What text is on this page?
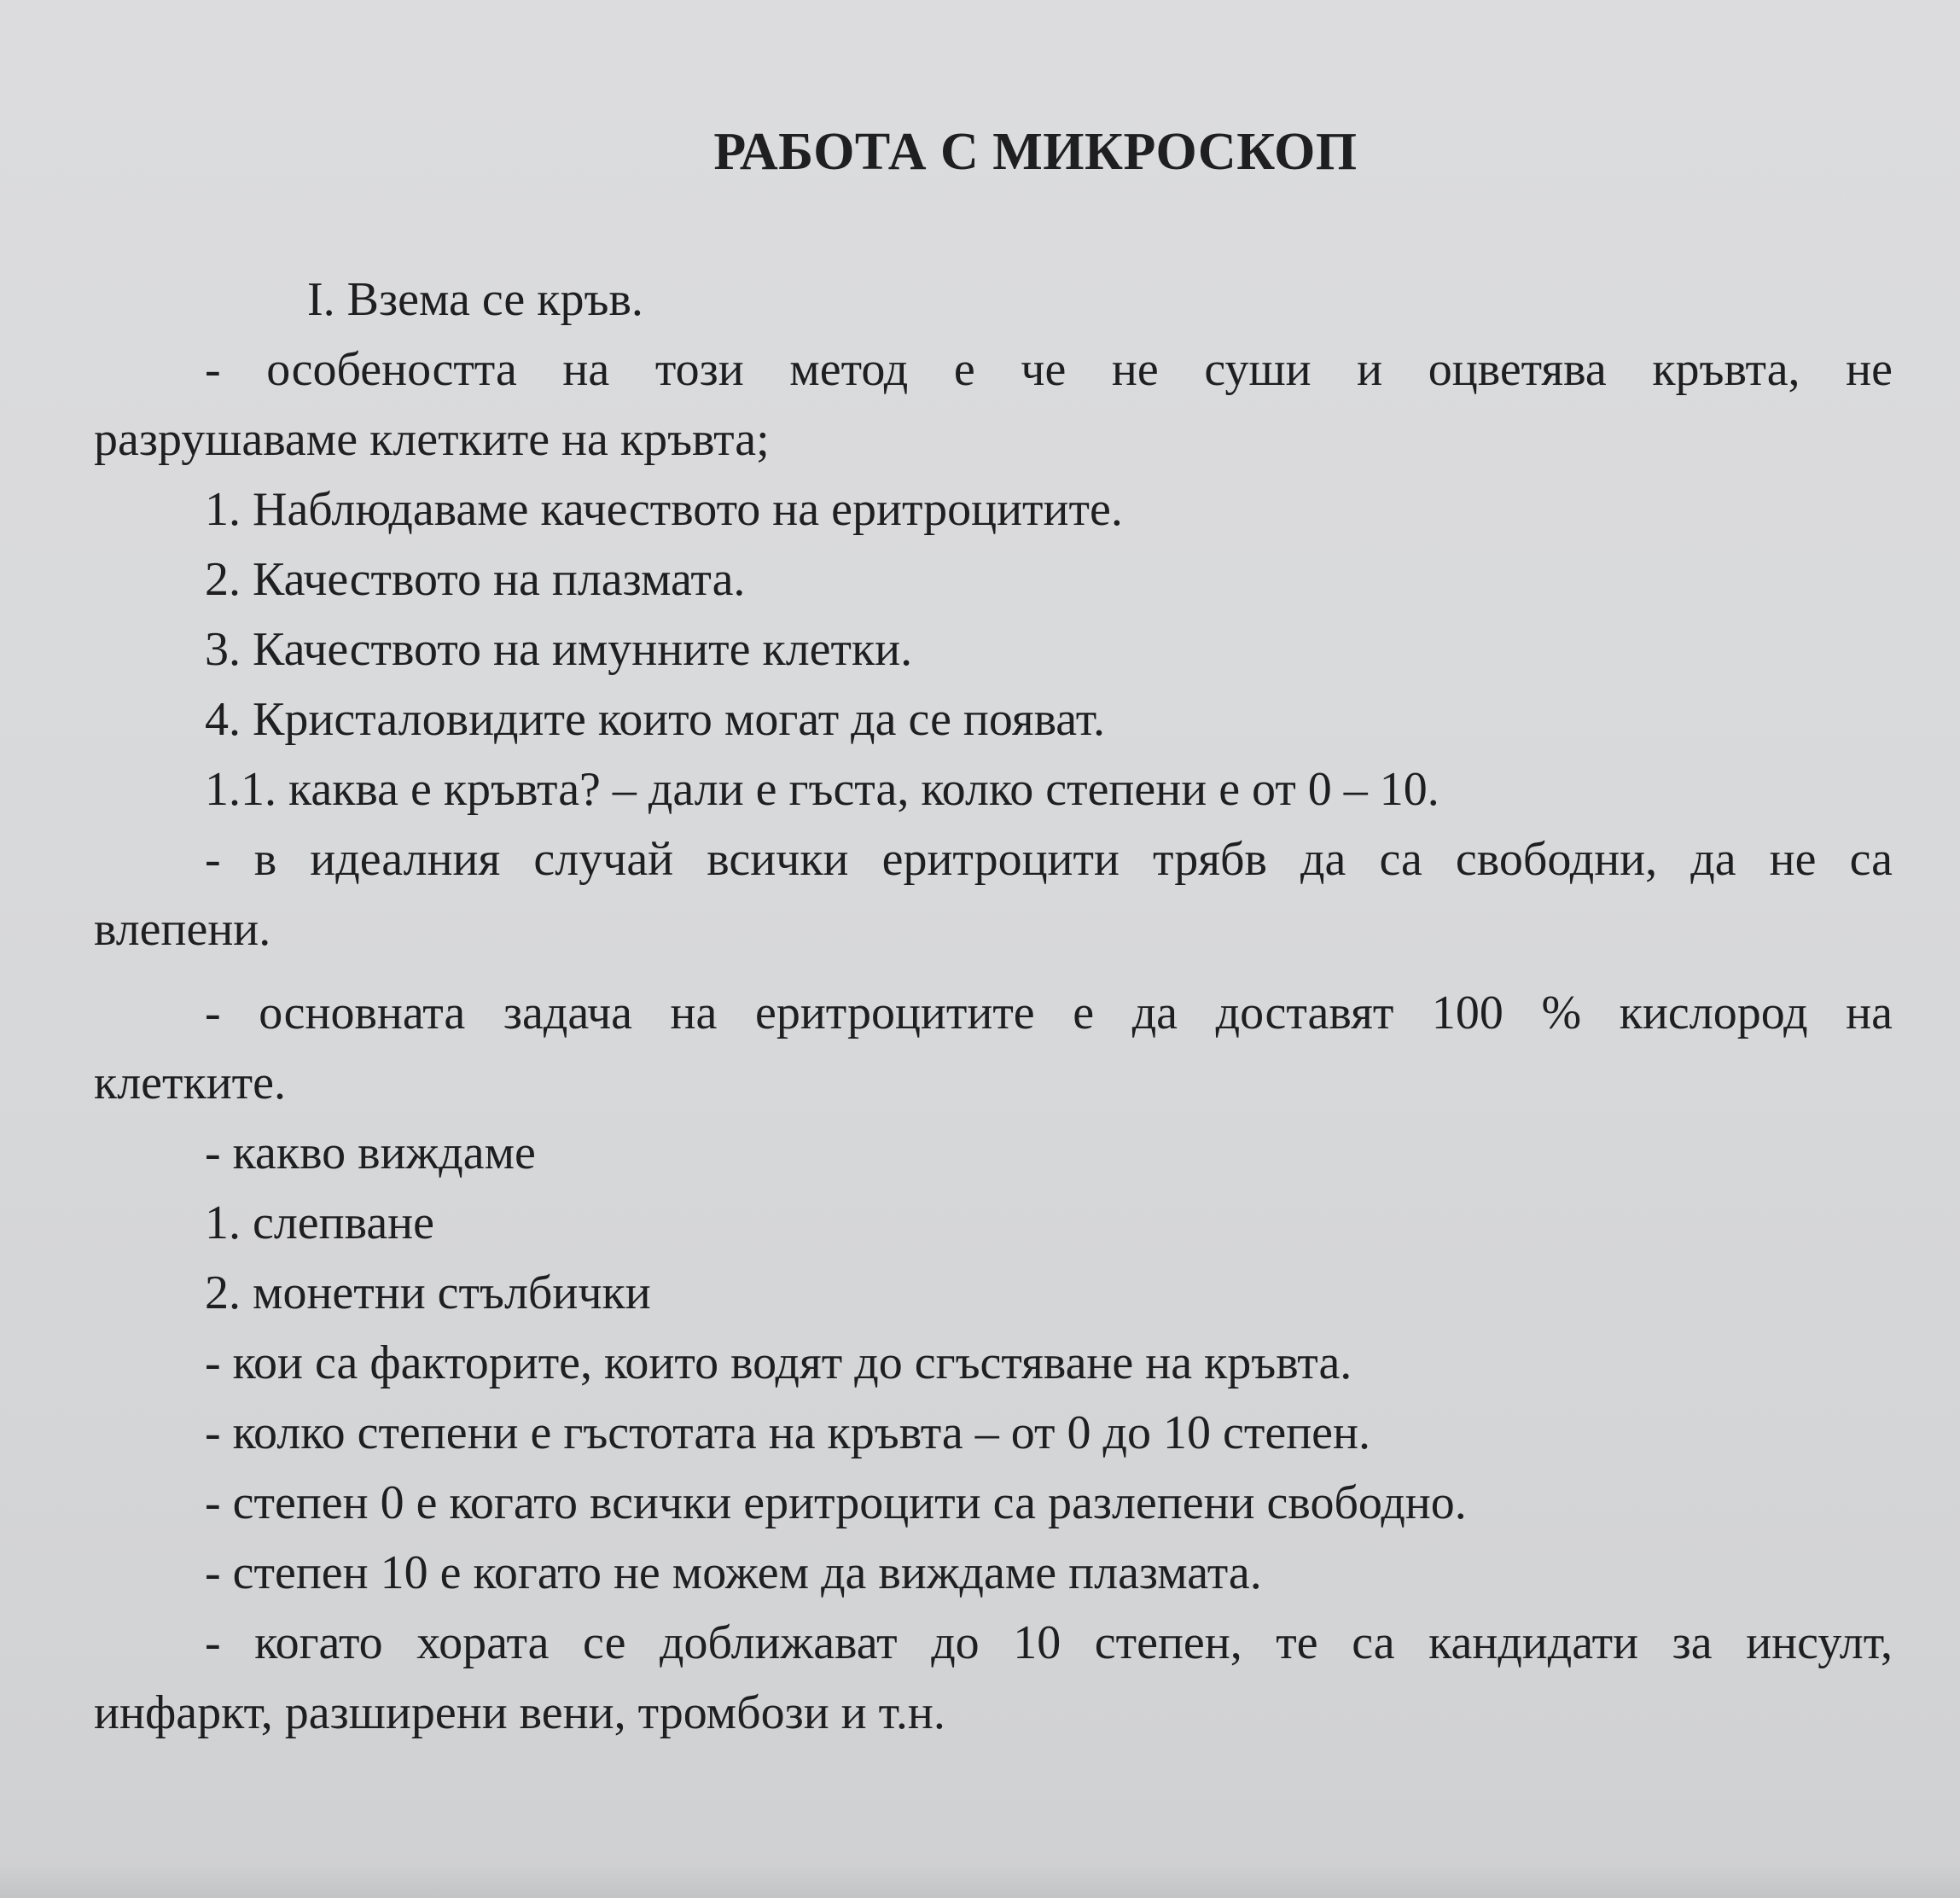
РАБОТА С МИКРОСКОП
I. Взема се кръв.
- особеността на този метод е че не суши и оцветява кръвта, не
разрушаваме клетките на кръвта;
1. Наблюдаваме качеството на еритроцитите.
2. Качеството на плазмата.
3. Качеството на имунните клетки.
4. Кристаловидите които могат да се появат.
1.1. каква е кръвта? – дали е гъста, колко степени е от 0 – 10.
- в идеалния случай всички еритроцити трябв да са свободни, да не са
влепени.
- основната задача на еритроцитите е да доставят 100 % кислород на
клетките.
- какво виждаме
1. слепване
2. монетни стълбички
- кои са факторите, които водят до сгъстяване на кръвта.
- колко степени е гъстотата на кръвта – от 0 до 10 степен.
- степен 0 е когато всички еритроцити са разлепени свободно.
- степен 10 е когато не можем да виждаме плазмата.
- когато хората се доближават до 10 степен, те са кандидати за инсулт,
инфаркт, разширени вени, тромбози и т.н.
